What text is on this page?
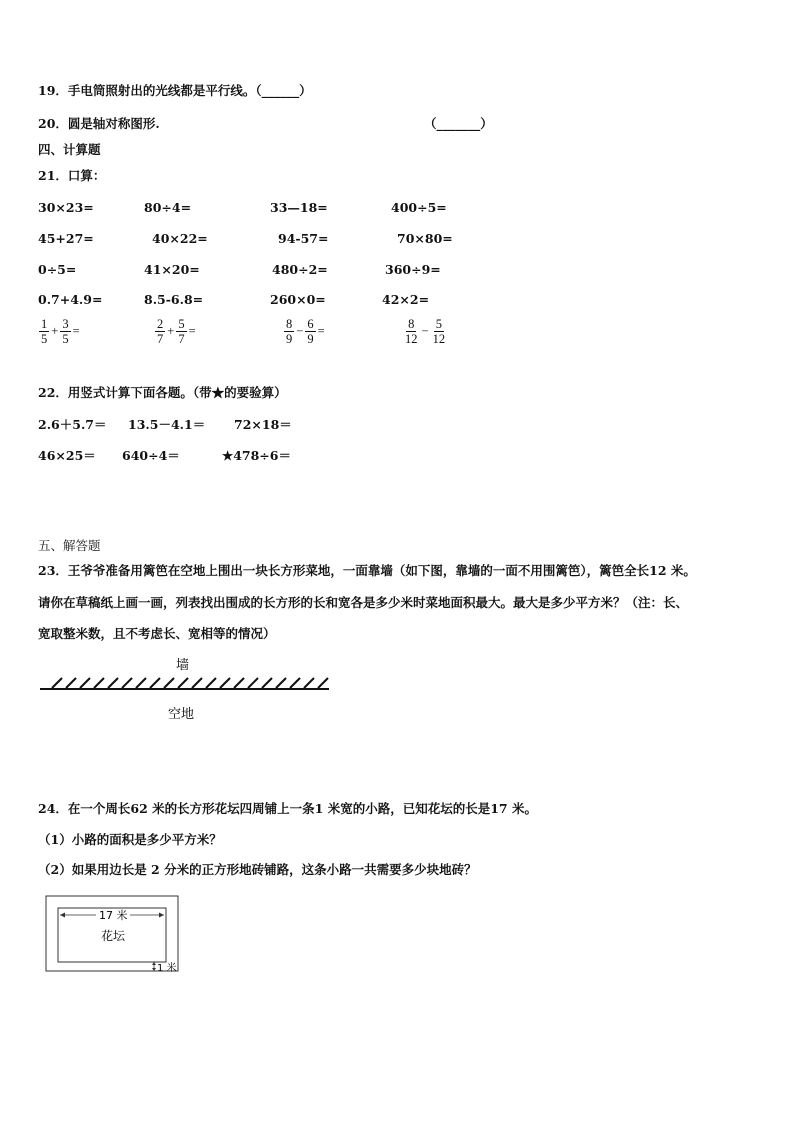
19．手电筒照射出的光线都是平行线。（______）
20．圆是轴对称图形.	（_______）
四、计算题
21．口算：
30×23=	80÷4=	33—18=	400÷5=
45+27=	40×22=	94-57=	70×80=
0÷5=	41×20=	480÷2=	360÷9=
0.7+4.9=	8.5-6.8=	260×0=	42×2=
$\frac{1}{5} + \frac{3}{5}$ =	$\frac{2}{7} + \frac{5}{7}$ =	$\frac{8}{9} - \frac{6}{9}$ =	$\frac{8}{12} - \frac{5}{12}$
22．用竖式计算下面各题。（带★的要验算）
2.6＋5.7＝ 13.5－4.1＝ 72×18＝
46×25＝ 640÷4＝	★478÷6＝
五、解答题
23．王爷爷准备用篱笆在空地上围出一块长方形菜地，一面靠墙（如下图，靠墙的一面不用围篱笆），篱笆全长12 米。
请你在草稿纸上画一画，列表找出围成的长方形的长和宽各是多少米时菜地面积最大。最大是多少平方米？（注：长、
宽取整米数，且不考虑长、宽相等的情况）
墙
空地
17 米
花坛
1 米
24．在一个周长62 米的长方形花坛四周铺上一条1 米宽的小路，已知花坛的长是17 米。
（1）小路的面积是多少平方米？
（2）如果用边长是 2 分米的正方形地砖铺路，这条小路一共需要多少块地砖？
